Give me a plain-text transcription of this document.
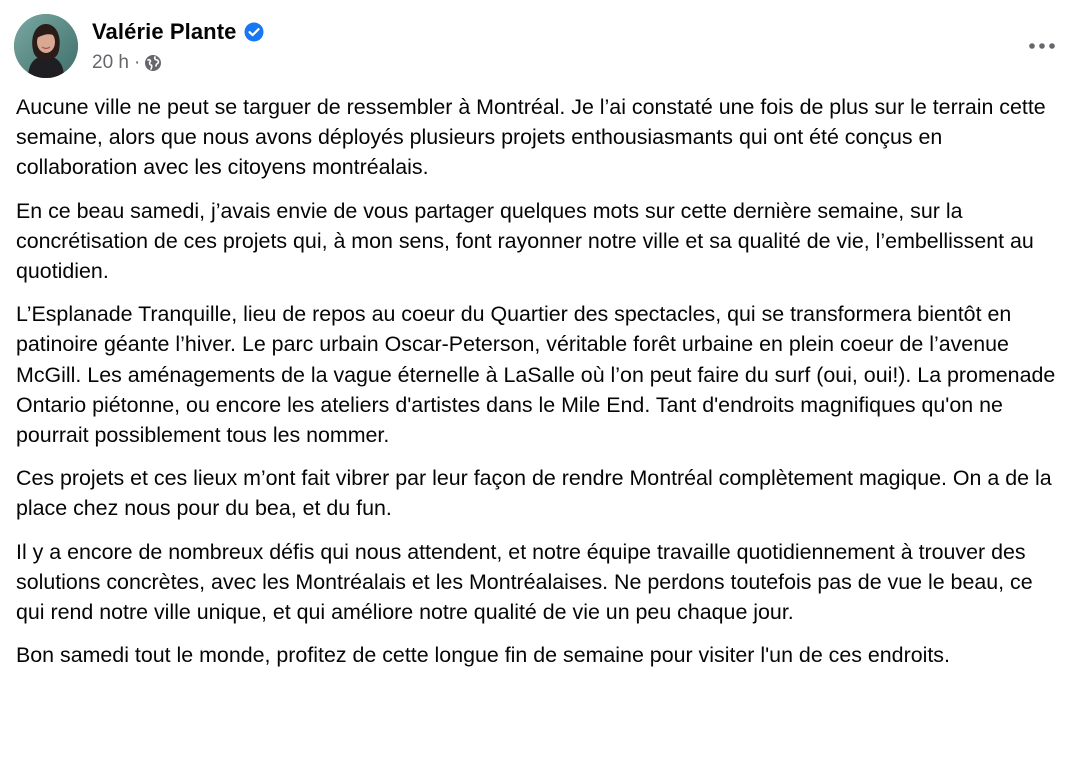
Valérie Plante
20 h ·

Aucune ville ne peut se targuer de ressembler à Montréal. Je l’ai constaté une fois de plus sur le terrain cette semaine, alors que nous avons déployés plusieurs projets enthousiasmants qui ont été conçus en collaboration avec les citoyens montréalais.

En ce beau samedi, j’avais envie de vous partager quelques mots sur cette dernière semaine, sur la concrétisation de ces projets qui, à mon sens, font rayonner notre ville et sa qualité de vie, l’embellissent au quotidien.

L’Esplanade Tranquille, lieu de repos au coeur du Quartier des spectacles, qui se transformera bientôt en patinoire géante l’hiver. Le parc urbain Oscar-Peterson, véritable forêt urbaine en plein coeur de l’avenue McGill. Les aménagements de la vague éternelle à LaSalle où l’on peut faire du surf (oui, oui!). La promenade Ontario piétonne, ou encore les ateliers d'artistes dans le Mile End. Tant d'endroits magnifiques qu'on ne pourrait possiblement tous les nommer.

Ces projets et ces lieux m’ont fait vibrer par leur façon de rendre Montréal complètement magique. On a de la place chez nous pour du bea, et du fun.

Il y a encore de nombreux défis qui nous attendent, et notre équipe travaille quotidiennement à trouver des solutions concrètes, avec les Montréalais et les Montréalaises. Ne perdons toutefois pas de vue le beau, ce qui rend notre ville unique, et qui améliore notre qualité de vie un peu chaque jour.

Bon samedi tout le monde, profitez de cette longue fin de semaine pour visiter l'un de ces endroits.
